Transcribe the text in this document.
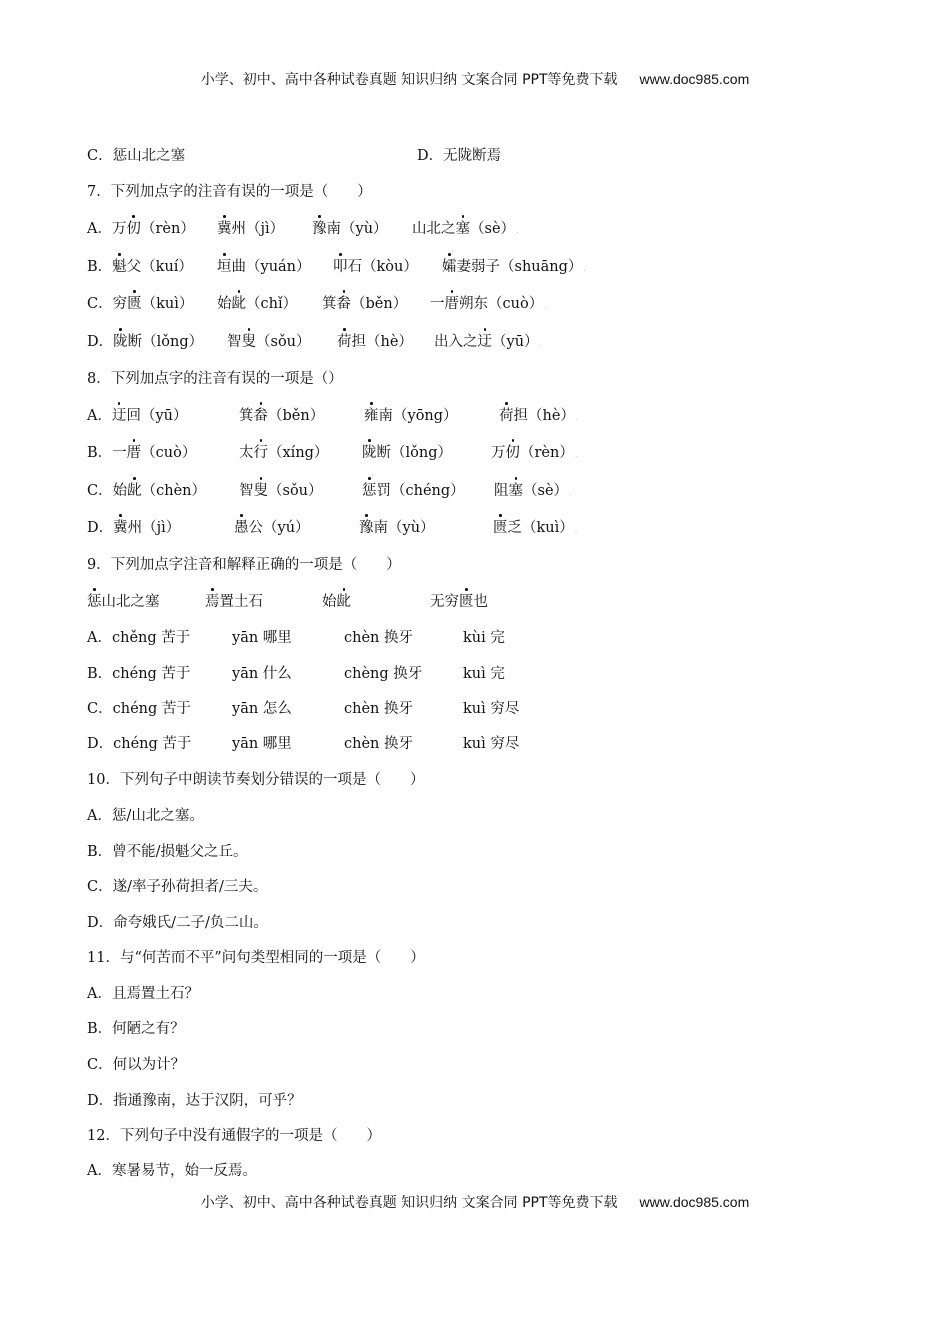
小学、初中、高中各种试卷真题 知识归纳 文案合同 PPT等免费下载 www.doc985.com
C．惩山北之塞	D．无陇断焉.
7．下列加点字的注音有误的一项是（　　）
A．万仞（rèn） 冀州（jì） 豫南（yù） 山北之塞（sè）.
B．魁父（kuí） 垣曲（yuán） 叩石（kòu） 孀妻弱子（shuāng）.
C．穷匮（kuì） 始龀（chǐ） 箕畚（běn） 一厝朔东（cuò）.
D．陇断（lǒng） 智叟（sǒu） 荷担（hè） 出入之迂（yū）.
8．下列加点字的注音有误的一项是（）
A．迂回（yū）	箕畚（běn）	雍南（yōng）	荷担（hè）.
B．一厝（cuò）	太行（xíng） 陇断（lǒng）	万仞（rèn）.
C．始龀（chèn） 智叟（sǒu）	惩罚（chéng） 阻塞（sè）.
D．冀州（jì）	愚公（yú）	豫南（yù）	匮乏（kuì）.
9．下列加点字注音和解释正确的一项是（　　）
惩山北之塞	焉置土石	始龀	无穷匮也
A．chěng 苦于	yān 哪里	chèn 换牙	kùi 完
B．chéng 苦于	yān 什么	chèng 换牙	kuì 完
C．chéng 苦于	yān 怎么	chèn 换牙	kuì 穷尽
D．chéng 苦于	yān 哪里	chèn 换牙	kuì 穷尽
10．下列句子中朗读节奏划分错误的一项是（　　）
A．惩/山北之塞。
B．曾不能/损魁父之丘。
C．遂/率子孙荷担者/三夫。
D．命夸娥氏/二子/负二山。
11．与“何苦而不平”问句类型相同的一项是（　　）
A．且焉置土石？
B．何陋之有？
C．何以为计？
D．指通豫南，达于汉阴，可乎？
12．下列句子中没有通假字的一项是（　　）
A．寒暑易节，始一反焉。
小学、初中、高中各种试卷真题 知识归纳 文案合同 PPT等免费下载 www.doc985.com
